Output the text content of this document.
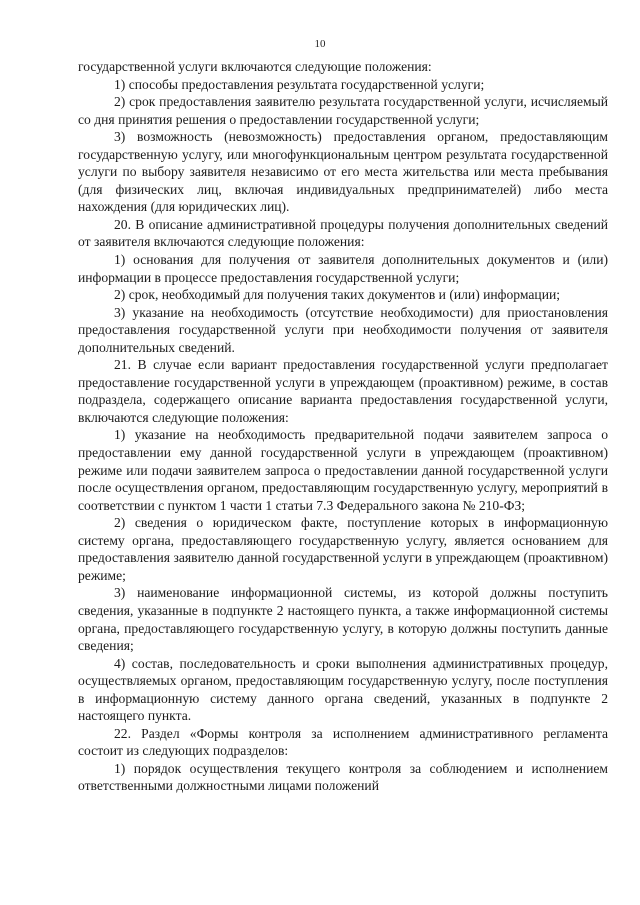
10

государственной услуги включаются следующие положения:

1) способы предоставления результата государственной услуги;

2) срок предоставления заявителю результата государственной услуги, исчисляемый со дня принятия решения о предоставлении государственной услуги;

3) возможность (невозможность) предоставления органом, предоставляющим государственную услугу, или многофункциональным центром результата государственной услуги по выбору заявителя независимо от его места жительства или места пребывания (для физических лиц, включая индивидуальных предпринимателей) либо места нахождения (для юридических лиц).

20. В описание административной процедуры получения дополнительных сведений от заявителя включаются следующие положения:

1) основания для получения от заявителя дополнительных документов и (или) информации в процессе предоставления государственной услуги;

2) срок, необходимый для получения таких документов и (или) информации;

3) указание на необходимость (отсутствие необходимости) для приостановления предоставления государственной услуги при необходимости получения от заявителя дополнительных сведений.

21. В случае если вариант предоставления государственной услуги предполагает предоставление государственной услуги в упреждающем (проактивном) режиме, в состав подраздела, содержащего описание варианта предоставления государственной услуги, включаются следующие положения:

1) указание на необходимость предварительной подачи заявителем запроса о предоставлении ему данной государственной услуги в упреждающем (проактивном) режиме или подачи заявителем запроса о предоставлении данной государственной услуги после осуществления органом, предоставляющим государственную услугу, мероприятий в соответствии с пунктом 1 части 1 статьи 7.3 Федерального закона № 210-ФЗ;

2) сведения о юридическом факте, поступление которых в информационную систему органа, предоставляющего государственную услугу, является основанием для предоставления заявителю данной государственной услуги в упреждающем (проактивном) режиме;

3) наименование информационной системы, из которой должны поступить сведения, указанные в подпункте 2 настоящего пункта, а также информационной системы органа, предоставляющего государственную услугу, в которую должны поступить данные сведения;

4) состав, последовательность и сроки выполнения административных процедур, осуществляемых органом, предоставляющим государственную услугу, после поступления в информационную систему данного органа сведений, указанных в подпункте 2 настоящего пункта.

22. Раздел «Формы контроля за исполнением административного регламента состоит из следующих подразделов:

1) порядок осуществления текущего контроля за соблюдением и исполнением ответственными должностными лицами положений
